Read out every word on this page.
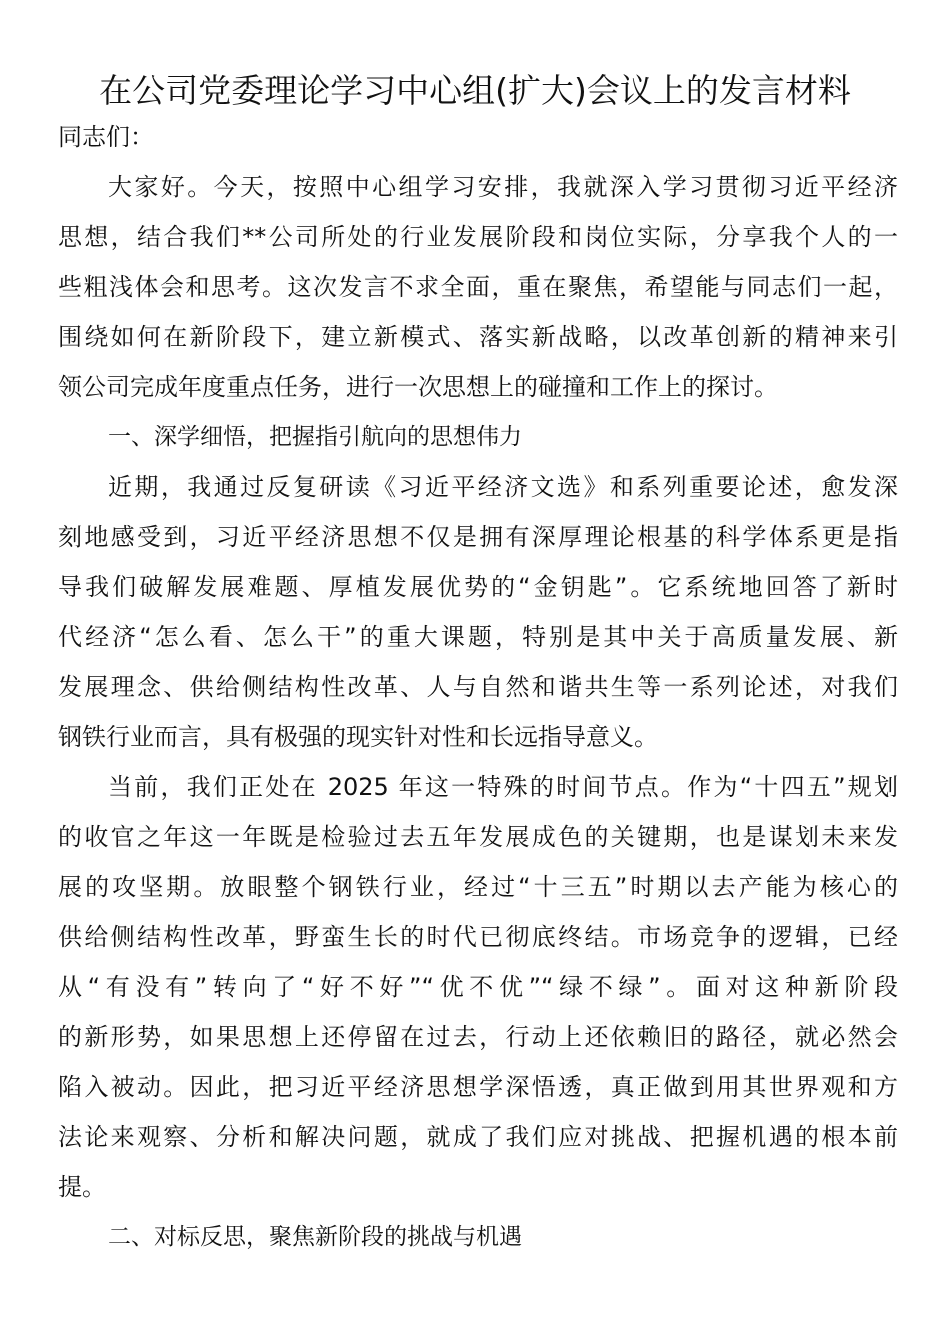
在公司党委理论学习中心组(扩大)会议上的发言材料
同志们：
大家好。今天，按照中心组学习安排，我就深入学习贯彻习近平经济
思想，结合我们**公司所处的行业发展阶段和岗位实际，分享我个人的一
些粗浅体会和思考。这次发言不求全面，重在聚焦，希望能与同志们一起，
围绕如何在新阶段下，建立新模式、落实新战略，以改革创新的精神来引
领公司完成年度重点任务，进行一次思想上的碰撞和工作上的探讨。
一、深学细悟，把握指引航向的思想伟力
近期，我通过反复研读《习近平经济文选》和系列重要论述，愈发深
刻地感受到，习近平经济思想不仅是拥有深厚理论根基的科学体系更是指
导我们破解发展难题、厚植发展优势的“金钥匙”。它系统地回答了新时
代经济“怎么看、怎么干”的重大课题，特别是其中关于高质量发展、新
发展理念、供给侧结构性改革、人与自然和谐共生等一系列论述，对我们
钢铁行业而言，具有极强的现实针对性和长远指导意义。
当前，我们正处在 2025 年这一特殊的时间节点。作为“十四五”规划
的收官之年这一年既是检验过去五年发展成色的关键期，也是谋划未来发
展的攻坚期。放眼整个钢铁行业，经过“十三五”时期以去产能为核心的
供给侧结构性改革，野蛮生长的时代已彻底终结。市场竞争的逻辑，已经
从“有没有”转向了“好不好”“优不优”“绿不绿”。面对这种新阶段
的新形势，如果思想上还停留在过去，行动上还依赖旧的路径，就必然会
陷入被动。因此，把习近平经济思想学深悟透，真正做到用其世界观和方
法论来观察、分析和解决问题，就成了我们应对挑战、把握机遇的根本前
提。
二、对标反思，聚焦新阶段的挑战与机遇
